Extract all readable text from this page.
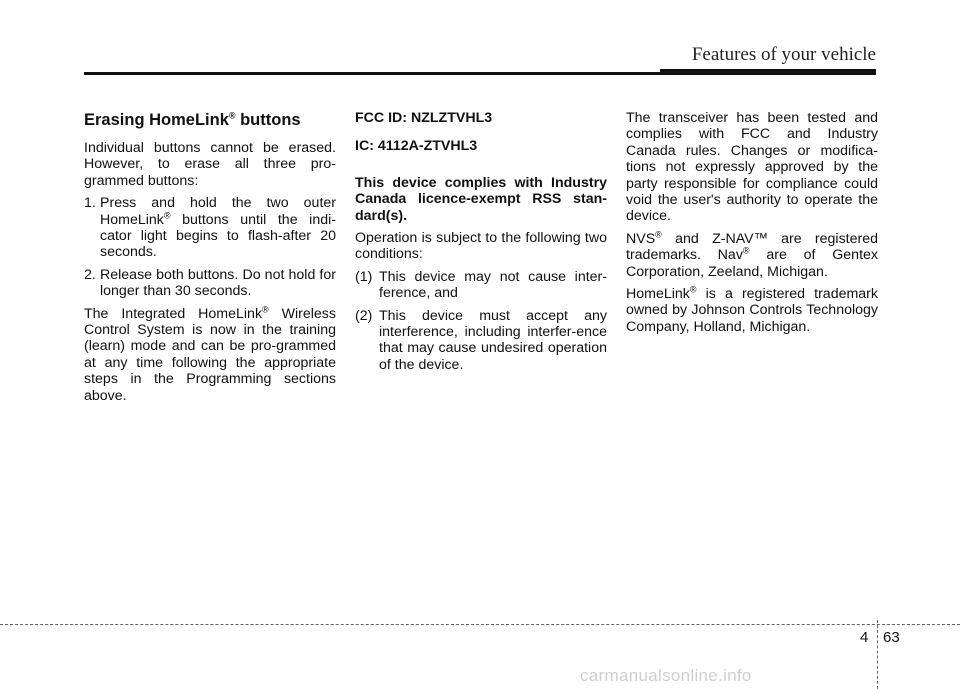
Features of your vehicle
Erasing HomeLink® buttons

Individual buttons cannot be erased. However, to erase all three pro-grammed buttons:

1. Press and hold the two outer HomeLink® buttons until the indi-cator light begins to flash-after 20 seconds.
2. Release both buttons. Do not hold for longer than 30 seconds.

The Integrated HomeLink® Wireless Control System is now in the training (learn) mode and can be pro-grammed at any time following the appropriate steps in the Programming sections above.

FCC ID: NZLZTVHL3
IC: 4112A-ZTVHL3

This device complies with Industry Canada licence-exempt RSS stan-dard(s).

Operation is subject to the following two conditions:

(1) This device may not cause inter-ference, and
(2) This device must accept any interference, including interfer-ence that may cause undesired operation of the device.

The transceiver has been tested and complies with FCC and Industry Canada rules. Changes or modifica-tions not expressly approved by the party responsible for compliance could void the user's authority to operate the device.

NVS® and Z-NAV™ are registered trademarks. Nav® are of Gentex Corporation, Zeeland, Michigan.

HomeLink® is a registered trademark owned by Johnson Controls Technology Company, Holland, Michigan.

4 63
carmanualsonline.info
